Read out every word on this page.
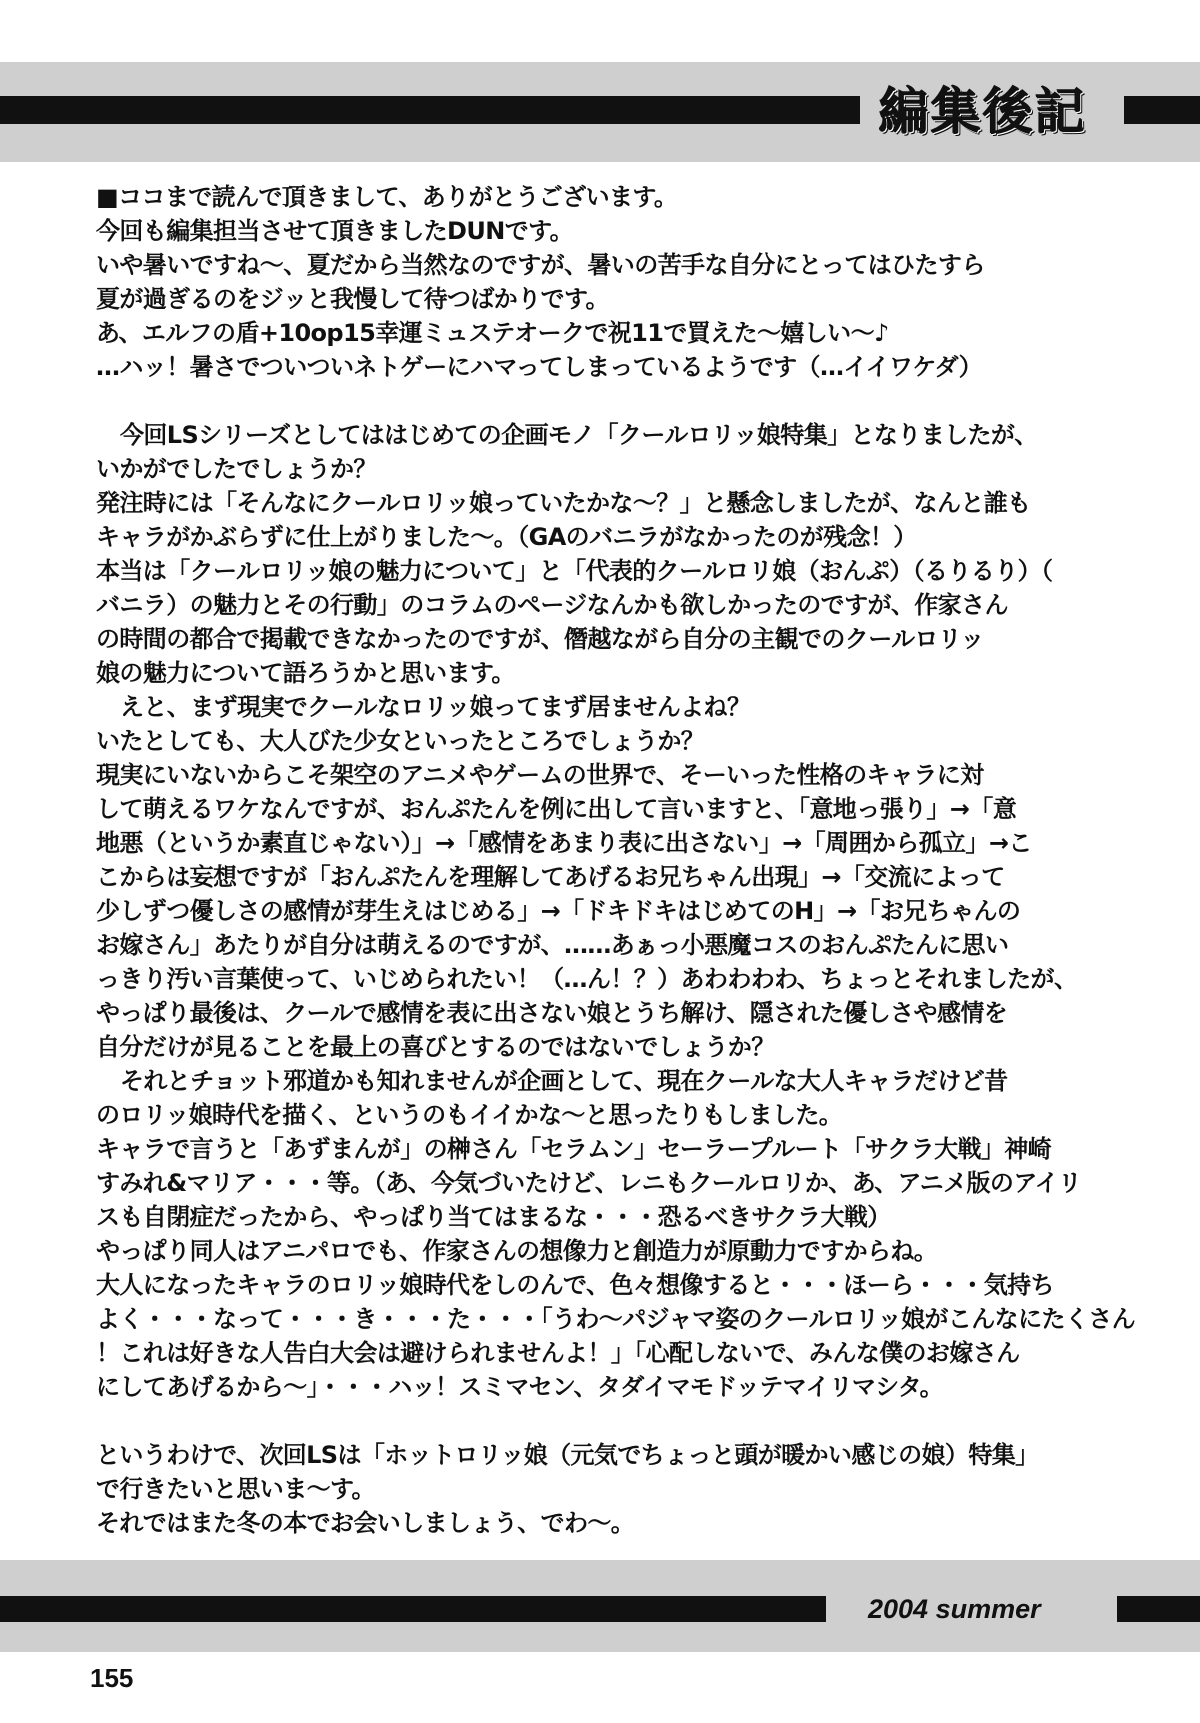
編集後記
■ココまで読んで頂きまして、ありがとうございます。
今回も編集担当させて頂きましたDUNです。
いや暑いですね～、夏だから当然なのですが、暑いの苦手な自分にとってはひたすら
夏が過ぎるのをジッと我慢して待つばかりです。
あ、エルフの盾+10op15幸運ミュステオークで祝11で買えた～嬉しい～♪
…ハッ！暑さでついついネトゲーにハマってしまっているようです（…イイワケダ）
今回LSシリーズとしてははじめての企画モノ「クールロリッ娘特集」となりましたが、
いかがでしたでしょうか？
発注時には「そんなにクールロリッ娘っていたかな～？」と懸念しましたが、なんと誰も
キャラがかぶらずに仕上がりました～。（GAのバニラがなかったのが残念！）
本当は「クールロリッ娘の魅力について」と「代表的クールロリ娘（おんぷ）（るりるり）（
バニラ）の魅力とその行動」のコラムのページなんかも欲しかったのですが、作家さん
の時間の都合で掲載できなかったのですが、僭越ながら自分の主観でのクールロリッ
娘の魅力について語ろうかと思います。
えと、まず現実でクールなロリッ娘ってまず居ませんよね？
いたとしても、大人びた少女といったところでしょうか？
現実にいないからこそ架空のアニメやゲームの世界で、そーいった性格のキャラに対
して萌えるワケなんですが、おんぷたんを例に出して言いますと、「意地っ張り」→「意
地悪（というか素直じゃない）」→「感情をあまり表に出さない」→「周囲から孤立」→こ
こからは妄想ですが「おんぷたんを理解してあげるお兄ちゃん出現」→「交流によって
少しずつ優しさの感情が芽生えはじめる」→「ドキドキはじめてのH」→「お兄ちゃんの
お嫁さん」あたりが自分は萌えるのですが、……あぁっ小悪魔コスのおんぷたんに思い
っきり汚い言葉使って、いじめられたい！（…ん！？）あわわわわ、ちょっとそれましたが、
やっぱり最後は、クールで感情を表に出さない娘とうち解け、隠された優しさや感情を
自分だけが見ることを最上の喜びとするのではないでしょうか？
それとチョット邪道かも知れませんが企画として、現在クールな大人キャラだけど昔
のロリッ娘時代を描く、というのもイイかな～と思ったりもしました。
キャラで言うと「あずまんが」の榊さん「セラムン」セーラープルート「サクラ大戦」神崎
すみれ&マリア・・・等。（あ、今気づいたけど、レニもクールロリか、あ、アニメ版のアイリ
スも自閉症だったから、やっぱり当てはまるな・・・恐るべきサクラ大戦）
やっぱり同人はアニパロでも、作家さんの想像力と創造力が原動力ですからね。
大人になったキャラのロリッ娘時代をしのんで、色々想像すると・・・ほーら・・・気持ち
よく・・・なって・・・き・・・た・・・「うわ～パジャマ姿のクールロリッ娘がこんなにたくさん
！これは好きな人告白大会は避けられませんよ！」「心配しないで、みんな僕のお嫁さん
にしてあげるから～」・・・ハッ！スミマセン、タダイマモドッテマイリマシタ。
というわけで、次回LSは「ホットロリッ娘（元気でちょっと頭が暖かい感じの娘）特集」
で行きたいと思いま～す。
それではまた冬の本でお会いしましょう、でわ～。
2004 summer
155
